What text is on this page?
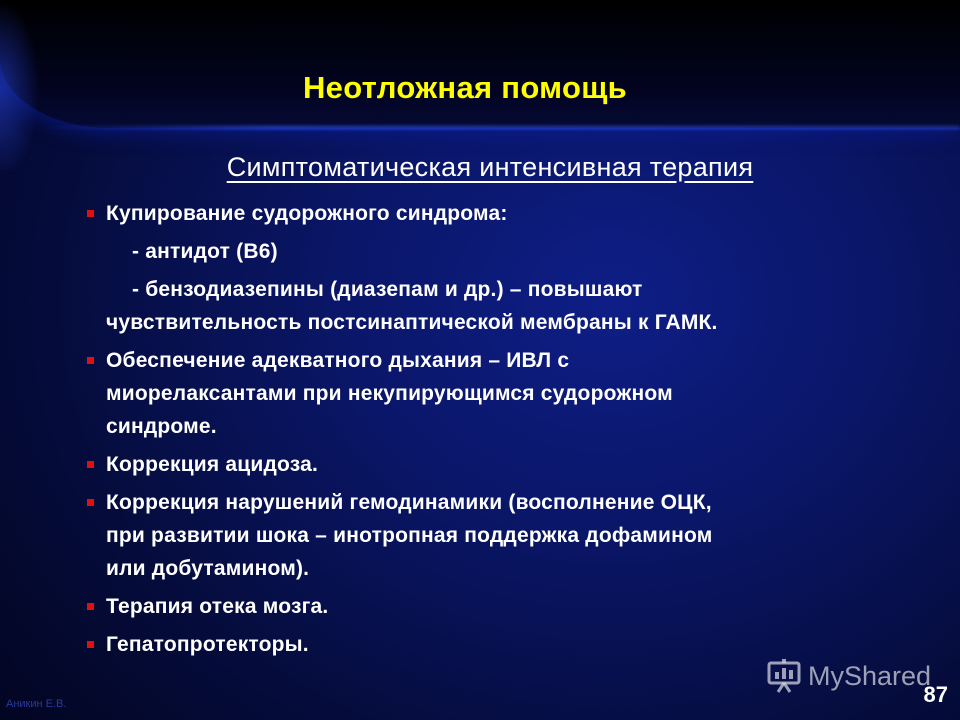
Неотложная помощь
Симптоматическая интенсивная терапия
Купирование судорожного синдрома:
- антидот (В6)
- бензодиазепины (диазепам и др.) – повышают
чувствительность постсинаптической мембраны к ГАМК.
Обеспечение адекватного дыхания – ИВЛ с
миорелаксантами при некупирующимся судорожном
синдроме.
Коррекция ацидоза.
Коррекция нарушений гемодинамики (восполнение ОЦК,
при развитии шока – инотропная поддержка дофамином
или добутамином).
Терапия отека мозга.
Гепатопротекторы.
Аникин Е.В.
MyShared
87
